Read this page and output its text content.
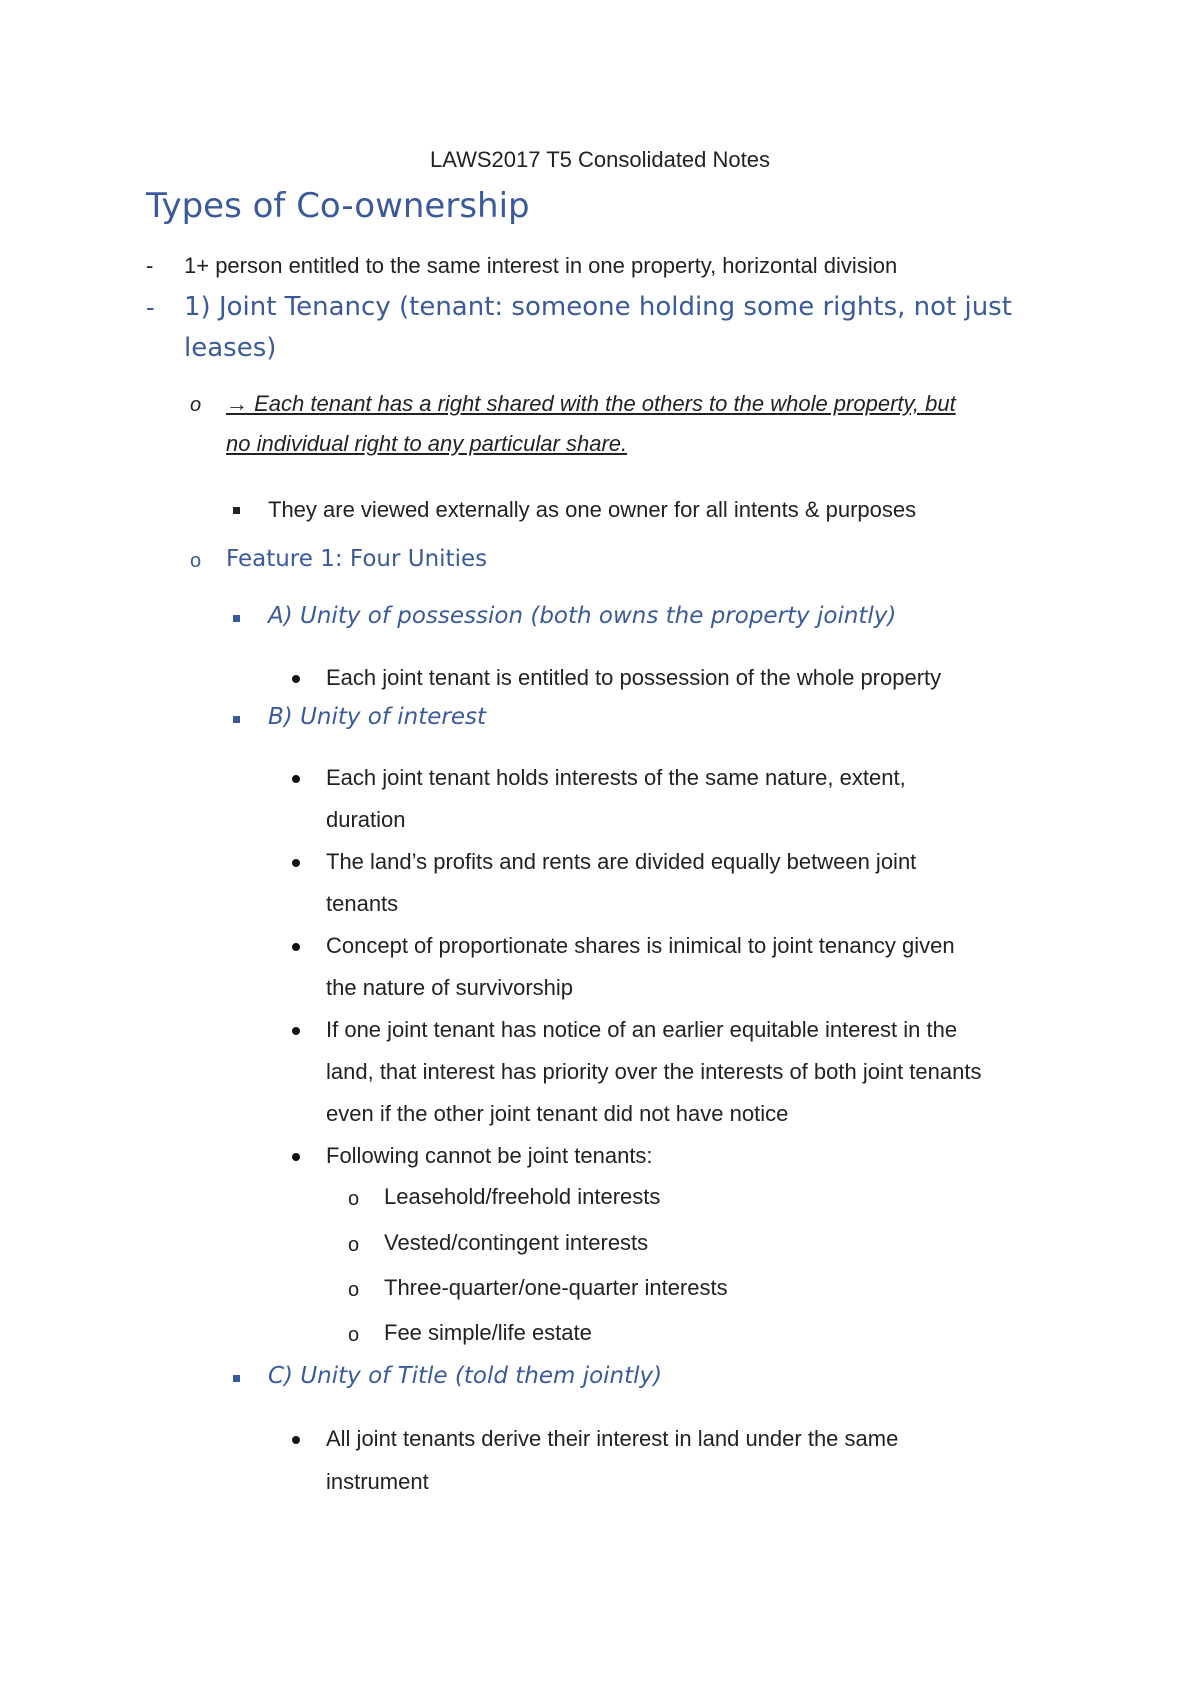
LAWS2017 T5 Consolidated Notes
Types of Co-ownership
- 1+ person entitled to the same interest in one property, horizontal division
- 1) Joint Tenancy (tenant: someone holding some rights, not just
leases)
o → Each tenant has a right shared with the others to the whole property, but
no individual right to any particular share.
They are viewed externally as one owner for all intents & purposes
o Feature 1: Four Unities
A) Unity of possession (both owns the property jointly)
Each joint tenant is entitled to possession of the whole property
B) Unity of interest
Each joint tenant holds interests of the same nature, extent,
duration
The land’s profits and rents are divided equally between joint
tenants
Concept of proportionate shares is inimical to joint tenancy given
the nature of survivorship
If one joint tenant has notice of an earlier equitable interest in the
land, that interest has priority over the interests of both joint tenants
even if the other joint tenant did not have notice
Following cannot be joint tenants:
o Leasehold/freehold interests
o Vested/contingent interests
o Three-quarter/one-quarter interests
o Fee simple/life estate
C) Unity of Title (told them jointly)
All joint tenants derive their interest in land under the same
instrument
